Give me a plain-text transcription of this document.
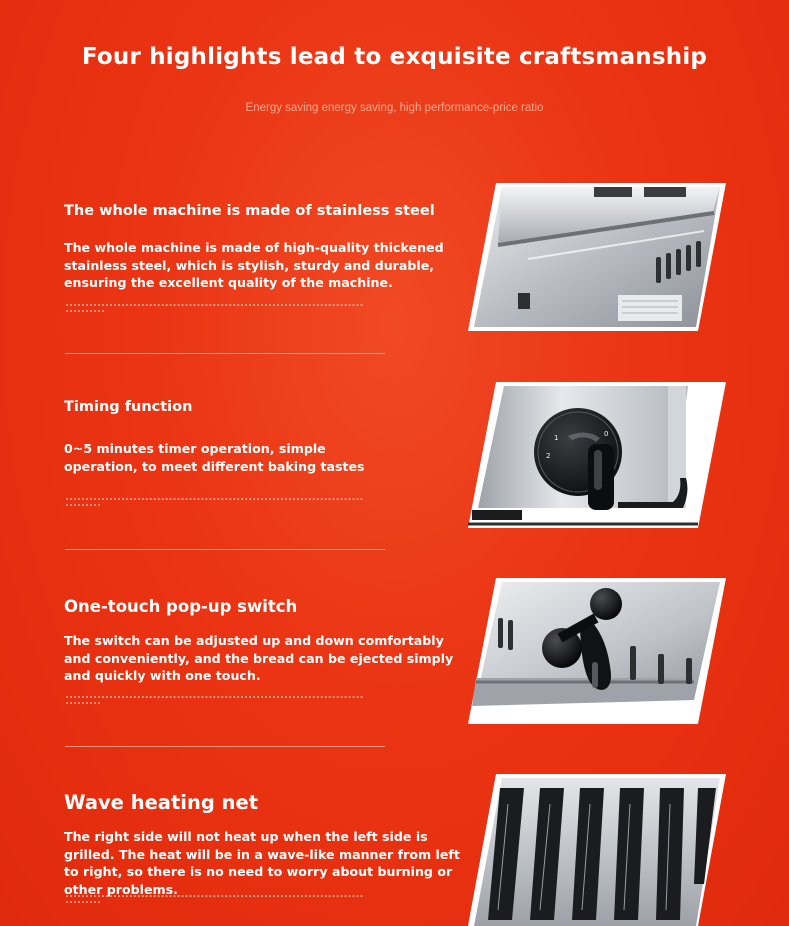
Four highlights lead to exquisite craftsmanship
Energy saving energy saving, high performance-price ratio
The whole machine is made of stainless steel
The whole machine is made of high-quality thickened stainless steel, which is stylish, sturdy and durable, ensuring the excellent quality of the machine.
▪ ▪ ▪ ▪ ▪ ▪ ▪ ▪ ▪ ▪ ▪ ▪ ▪ ▪ ▪ ▪ ▪ ▪ ▪ ▪ ▪ ▪ ▪ ▪ ▪ ▪ ▪ ▪ ▪ ▪ ▪ ▪ ▪ ▪ ▪ ▪ ▪ ▪ ▪ ▪ ▪ ▪ ▪ ▪ ▪ ▪ ▪ ▪ ▪ ▪ ▪ ▪ ▪ ▪ ▪ ▪ ▪ ▪ ▪ ▪ ▪ ▪ ▪ ▪ ▪ ▪ ▪ ▪ ▪ ▪ ▪ ▪ ▪ ▪ ▪ ▪ ▪ ▪ ▪ ▪ ▪ ▪ ▪ ▪ ▪
Timing function
0~5 minutes timer operation, simple operation, to meet different baking tastes
▪ ▪ ▪ ▪ ▪ ▪ ▪ ▪ ▪ ▪ ▪ ▪ ▪ ▪ ▪ ▪ ▪ ▪ ▪ ▪ ▪ ▪ ▪ ▪ ▪ ▪ ▪ ▪ ▪ ▪ ▪ ▪ ▪ ▪ ▪ ▪ ▪ ▪ ▪ ▪ ▪ ▪ ▪ ▪ ▪ ▪ ▪ ▪ ▪ ▪ ▪ ▪ ▪ ▪ ▪ ▪ ▪ ▪ ▪ ▪ ▪ ▪ ▪ ▪ ▪ ▪ ▪ ▪ ▪ ▪ ▪ ▪ ▪ ▪ ▪ ▪ ▪ ▪ ▪ ▪ ▪ ▪ ▪ ▪
0
1
2
One-touch pop-up switch
The switch can be adjusted up and down comfortably and conveniently, and the bread can be ejected simply and quickly with one touch.
▪ ▪ ▪ ▪ ▪ ▪ ▪ ▪ ▪ ▪ ▪ ▪ ▪ ▪ ▪ ▪ ▪ ▪ ▪ ▪ ▪ ▪ ▪ ▪ ▪ ▪ ▪ ▪ ▪ ▪ ▪ ▪ ▪ ▪ ▪ ▪ ▪ ▪ ▪ ▪ ▪ ▪ ▪ ▪ ▪ ▪ ▪ ▪ ▪ ▪ ▪ ▪ ▪ ▪ ▪ ▪ ▪ ▪ ▪ ▪ ▪ ▪ ▪ ▪ ▪ ▪ ▪ ▪ ▪ ▪ ▪ ▪ ▪ ▪ ▪ ▪ ▪ ▪ ▪ ▪ ▪ ▪ ▪ ▪
Wave heating net
The right side will not heat up when the left side is grilled. The heat will be in a wave-like manner from left to right, so there is no need to worry about burning or other problems.
▪ ▪ ▪ ▪ ▪ ▪ ▪ ▪ ▪ ▪ ▪ ▪ ▪ ▪ ▪ ▪ ▪ ▪ ▪ ▪ ▪ ▪ ▪ ▪ ▪ ▪ ▪ ▪ ▪ ▪ ▪ ▪ ▪ ▪ ▪ ▪ ▪ ▪ ▪ ▪ ▪ ▪ ▪ ▪ ▪ ▪ ▪ ▪ ▪ ▪ ▪ ▪ ▪ ▪ ▪ ▪ ▪ ▪ ▪ ▪ ▪ ▪ ▪ ▪ ▪ ▪ ▪ ▪ ▪ ▪ ▪ ▪ ▪ ▪ ▪ ▪ ▪ ▪ ▪ ▪ ▪ ▪ ▪ ▪
